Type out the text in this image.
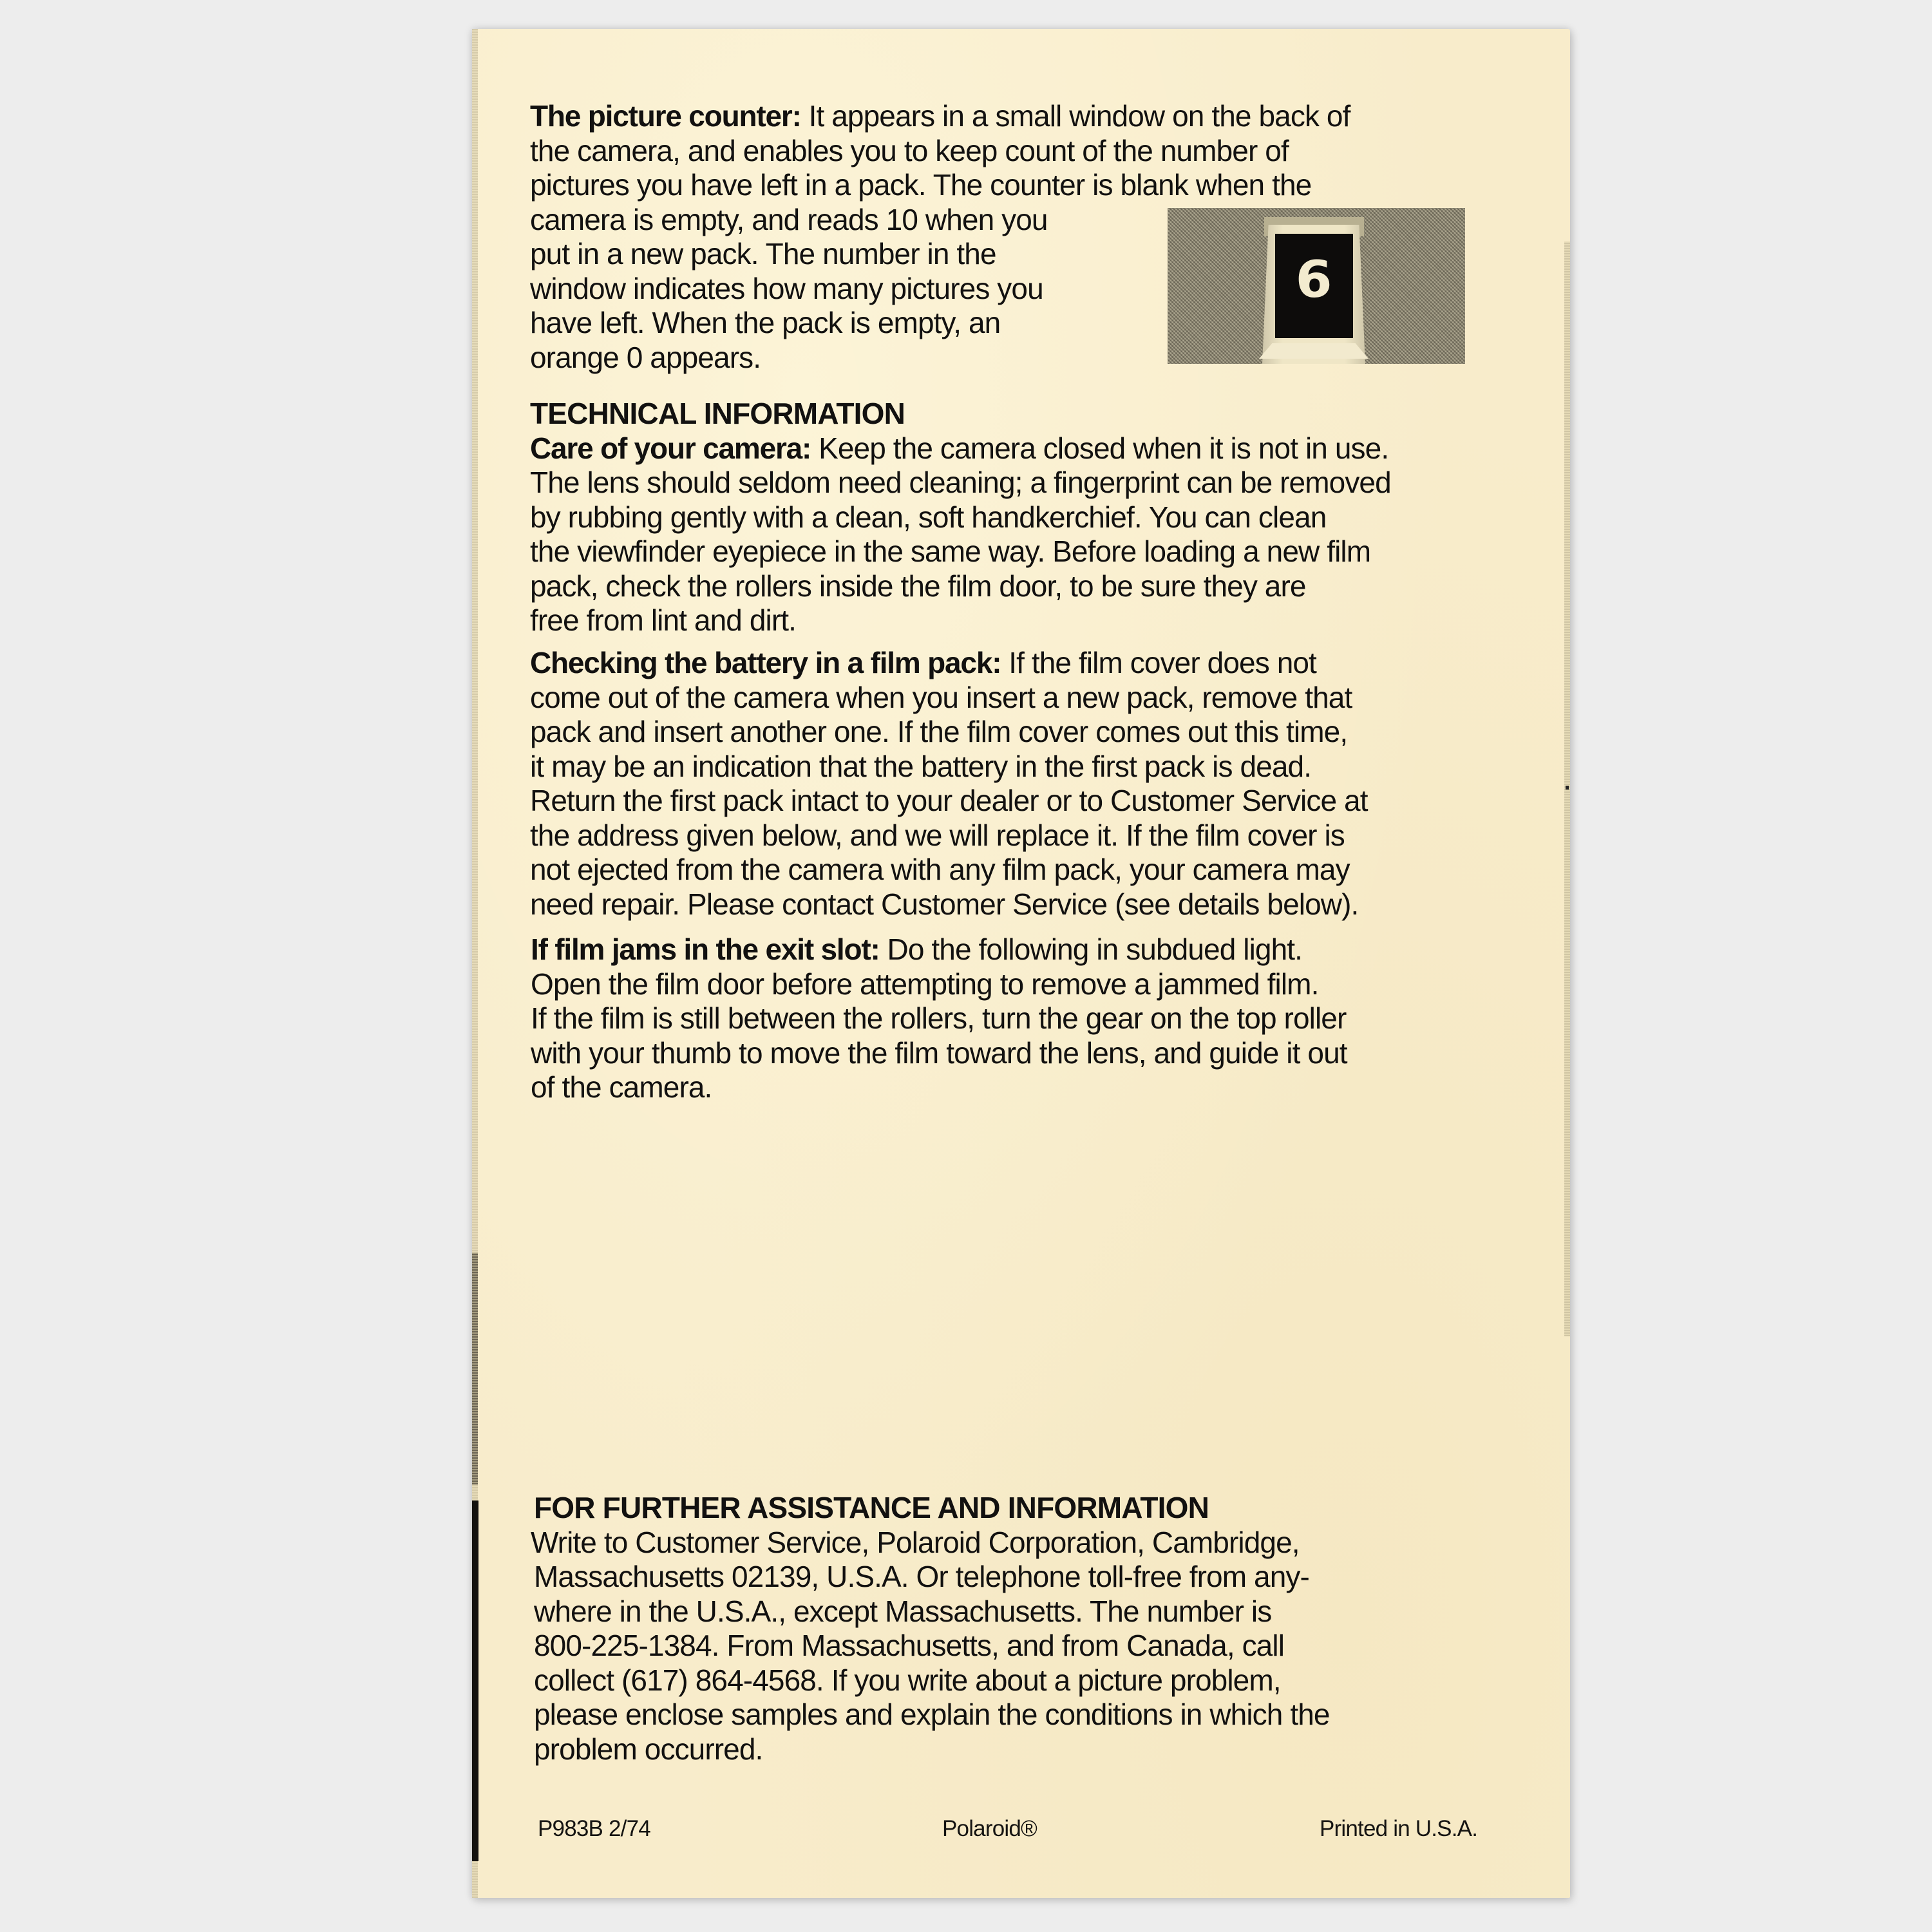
The picture counter: It appears in a small window on the back of
the camera, and enables you to keep count of the number of
pictures you have left in a pack. The counter is blank when the
camera is empty, and reads 10 when you
put in a new pack. The number in the
window indicates how many pictures you
have left. When the pack is empty, an
orange 0 appears.
6
TECHNICAL INFORMATION
Care of your camera: Keep the camera closed when it is not in use.
The lens should seldom need cleaning; a fingerprint can be removed
by rubbing gently with a clean, soft handkerchief. You can clean
the viewfinder eyepiece in the same way. Before loading a new film
pack, check the rollers inside the film door, to be sure they are
free from lint and dirt.
Checking the battery in a film pack: If the film cover does not
come out of the camera when you insert a new pack, remove that
pack and insert another one. If the film cover comes out this time,
it may be an indication that the battery in the first pack is dead.
Return the first pack intact to your dealer or to Customer Service at
the address given below, and we will replace it. If the film cover is
not ejected from the camera with any film pack, your camera may
need repair. Please contact Customer Service (see details below).
If film jams in the exit slot: Do the following in subdued light.
Open the film door before attempting to remove a jammed film.
If the film is still between the rollers, turn the gear on the top roller
with your thumb to move the film toward the lens, and guide it out
of the camera.
FOR FURTHER ASSISTANCE AND INFORMATION
Write to Customer Service, Polaroid Corporation, Cambridge,
Massachusetts 02139, U.S.A. Or telephone toll-free from any-
where in the U.S.A., except Massachusetts. The number is
800-225-1384. From Massachusetts, and from Canada, call
collect (617) 864-4568. If you write about a picture problem,
please enclose samples and explain the conditions in which the
problem occurred.
P983B 2/74	Polaroid®	Printed in U.S.A.
